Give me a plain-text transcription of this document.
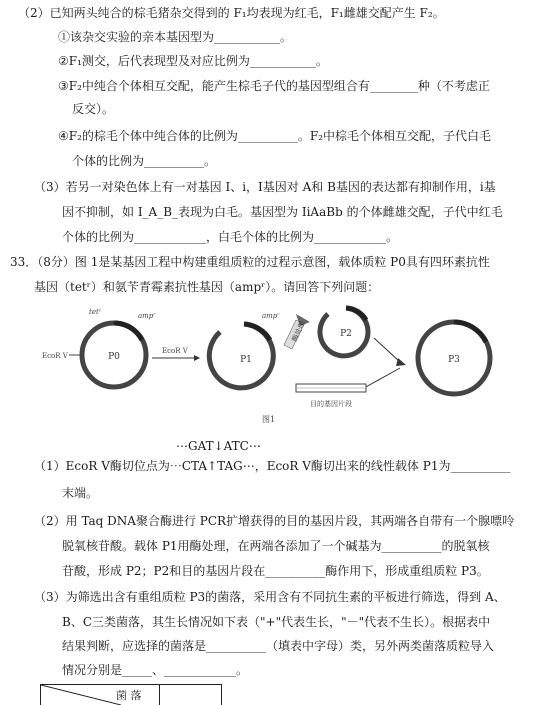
（2）已知两头纯合的棕毛猪杂交得到的 F₁均表现为红毛，F₁雌雄交配产生 F₂。
①该杂交实验的亲本基因型为___________。
②F₁测交，后代表现型及对应比例为___________。
③F₂中纯合个体相互交配，能产生棕毛子代的基因型组合有________种（不考虑正
反交）。
④F₂的棕毛个体中纯合体的比例为__________。F₂中棕毛个体相互交配，子代白毛
个体的比例为__________。
（3）若另一对染色体上有一对基因 I、i，I基因对 A和 B基因的表达都有抑制作用，i基
因不抑制，如 I_A_B_表现为白毛。基因型为 IiAaBb 的个体雌雄交配，子代中红毛
个体的比例为____________，白毛个体的比例为____________。
33．（8分）图 1是某基因工程中构建重组质粒的过程示意图，载体质粒 P0具有四环素抗性
基因（tetʳ）和氨苄青霉素抗性基因（ampʳ）。请回答下列问题：
P0
tetʳ	ampʳ
EcoR V
EcoR V
P1
ampʳ
酶处理	P2
目的基因片段
P3
图1
⋯GAT↓ATC⋯
（1）EcoR V酶切位点为⋯CTA↑TAG⋯，EcoR V酶切出来的线性载体 P1为__________
末端。
（2）用 Taq DNA聚合酶进行 PCR扩增获得的目的基因片段，其两端各自带有一个腺嘌呤
脱氧核苷酸。载体 P1用酶处理，在两端各添加了一个碱基为__________的脱氧核
苷酸，形成 P2；P2和目的基因片段在__________酶作用下，形成重组质粒 P3。
（3）为筛选出含有重组质粒 P3的菌落，采用含有不同抗生素的平板进行筛选，得到 A、
B、C三类菌落，其生长情况如下表（"+"代表生长，"－"代表不生长）。根据表中
结果判断，应选择的菌落是__________（填表中字母）类，另外两类菌落质粒导入
情况分别是_____、____________。
菌 落
